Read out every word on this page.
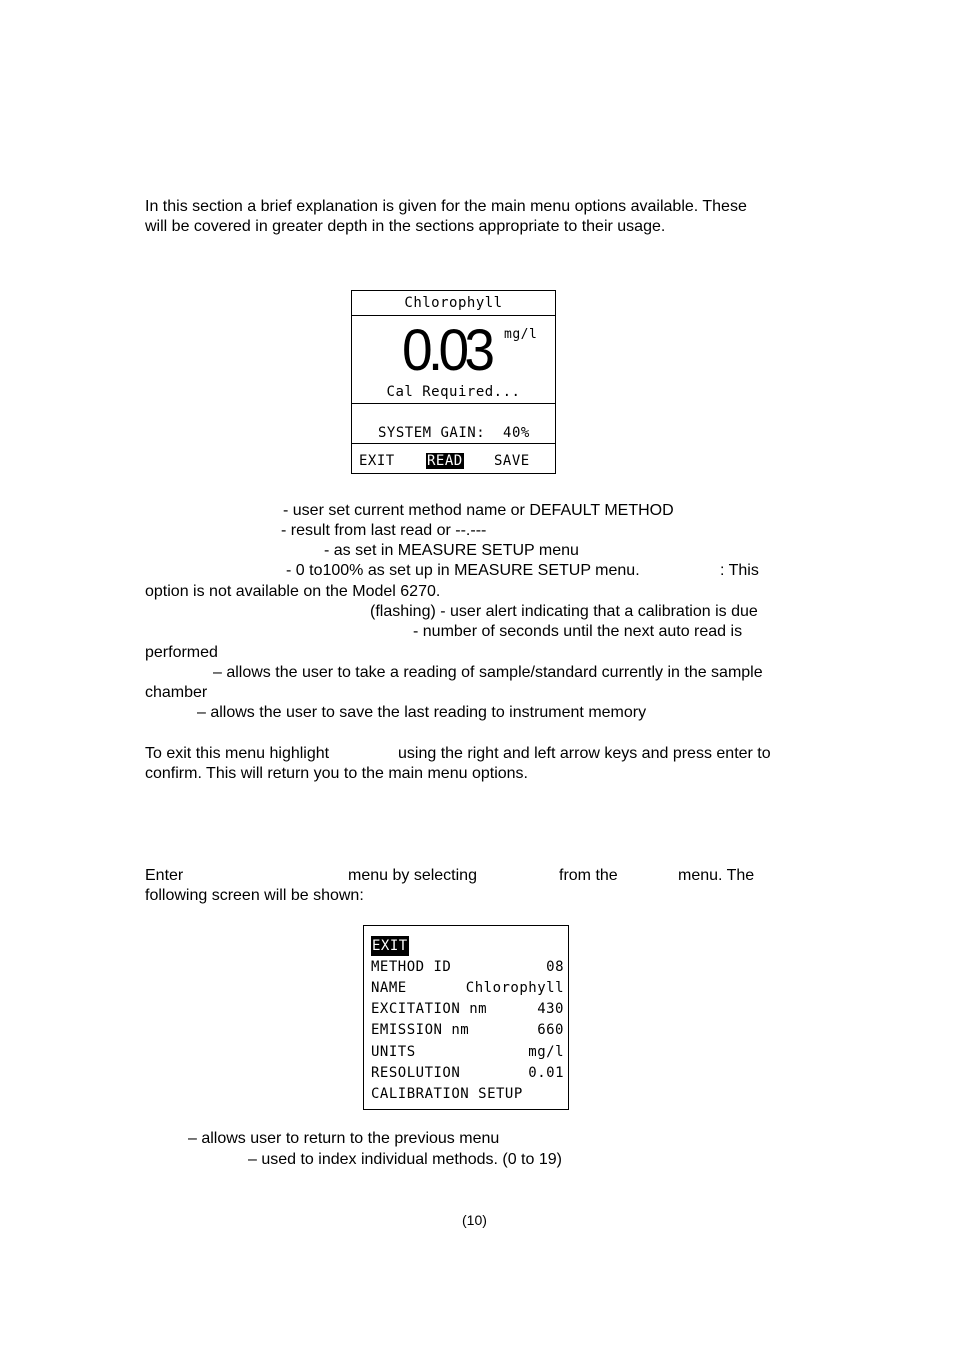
In this section a brief explanation is given for the main menu options available. These
will be covered in greater depth in the sections appropriate to their usage.
Chlorophyll
0.03 mg/l
Cal Required...
SYSTEM GAIN: 40%
EXIT READ SAVE
- user set current method name or DEFAULT METHOD
- result from last read or --.---
- as set in MEASURE SETUP menu
- 0 to100% as set up in MEASURE SETUP menu.	: This
option is not available on the Model 6270.
(flashing) - user alert indicating that a calibration is due
- number of seconds until the next auto read is
performed
– allows the user to take a reading of sample/standard currently in the sample
chamber
– allows the user to save the last reading to instrument memory
To exit this menu highlight	using the right and left arrow keys and press enter to
confirm. This will return you to the main menu options.
Enter	menu by selecting	from the	menu. The
following screen will be shown:
EXIT
METHOD ID	08
NAME	Chlorophyll
EXCITATION nm	430
EMISSION nm	660
UNITS	mg/l
RESOLUTION	0.01
CALIBRATION SETUP
– allows user to return to the previous menu
– used to index individual methods. (0 to 19)
(10)
